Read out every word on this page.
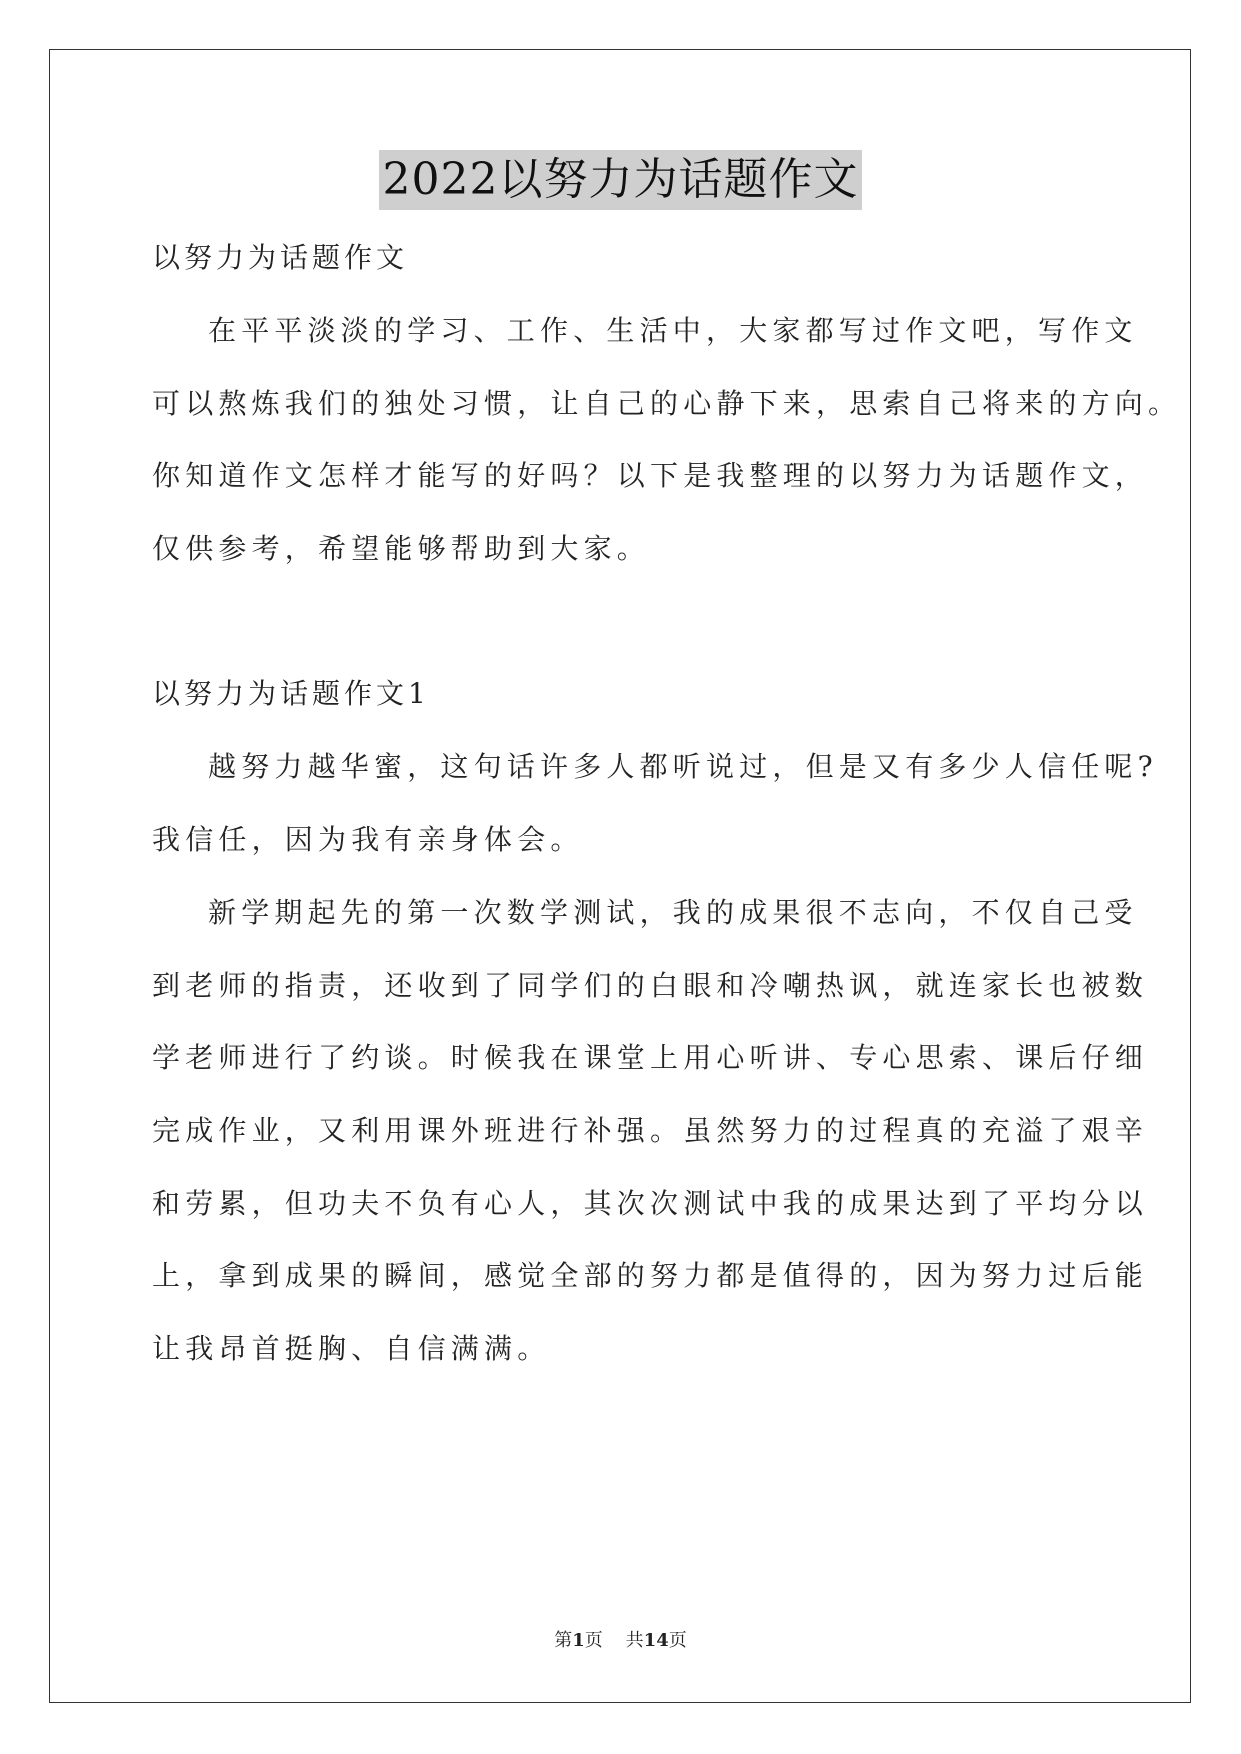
2022以努力为话题作文
以努力为话题作文
在平平淡淡的学习、工作、生活中，大家都写过作文吧，写作文
可以熬炼我们的独处习惯，让自己的心静下来，思索自己将来的方向。
你知道作文怎样才能写的好吗？以下是我整理的以努力为话题作文，
仅供参考，希望能够帮助到大家。
以努力为话题作文1
越努力越华蜜，这句话许多人都听说过，但是又有多少人信任呢?
我信任，因为我有亲身体会。
新学期起先的第一次数学测试，我的成果很不志向，不仅自己受
到老师的指责，还收到了同学们的白眼和冷嘲热讽，就连家长也被数
学老师进行了约谈。时候我在课堂上用心听讲、专心思索、课后仔细
完成作业，又利用课外班进行补强。虽然努力的过程真的充溢了艰辛
和劳累，但功夫不负有心人，其次次测试中我的成果达到了平均分以
上，拿到成果的瞬间，感觉全部的努力都是值得的，因为努力过后能
让我昂首挺胸、自信满满。
第1页 共14页
